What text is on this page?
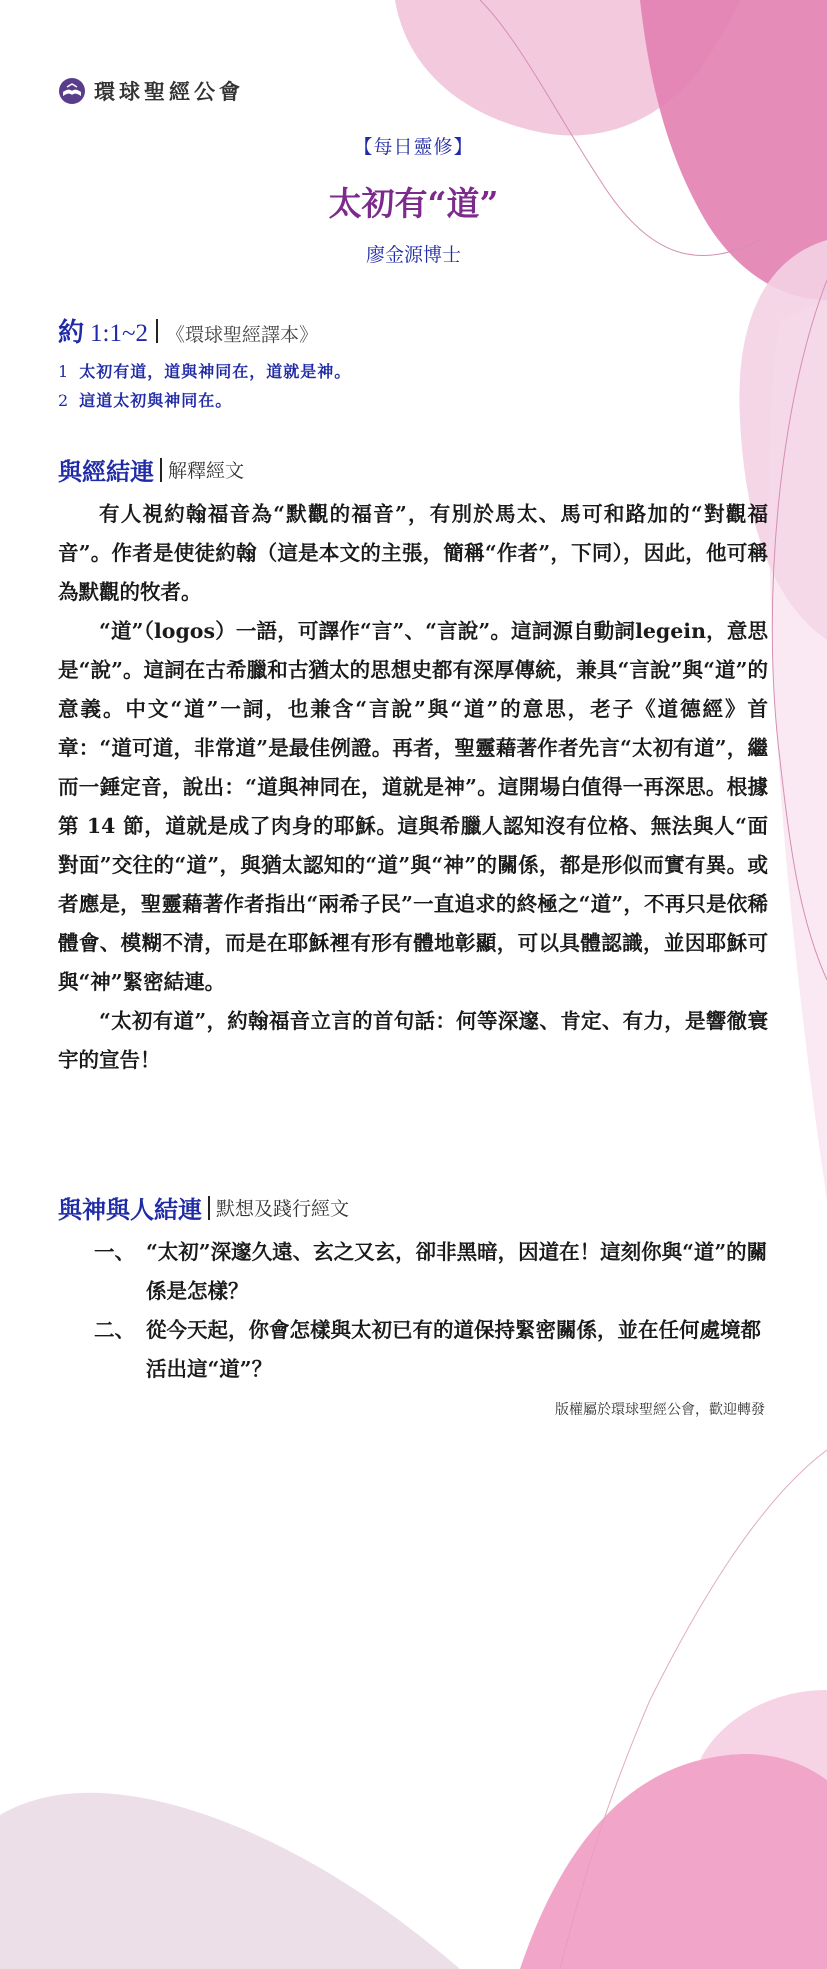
環球聖經公會
【每日靈修】
太初有“道”
廖金源博士
約 1:1~2 《環球聖經譯本》
1 太初有道，道與神同在，道就是神。
2 這道太初與神同在。
與經結連 解釋經文

有人視約翰福音為“默觀的福音”，有別於馬太、馬可和路加的“對觀福音”。作者是使徒約翰（這是本文的主張，簡稱“作者”，下同），因此，他可稱為默觀的牧者。

“道”（logos）一語，可譯作“言”、“言說”。這詞源自動詞legein，意思是“說”。這詞在古希臘和古猶太的思想史都有深厚傳統，兼具“言說”與“道”的意義。中文“道”一詞，也兼含“言說”與“道”的意思，老子《道德經》首章：“道可道，非常道”是最佳例證。再者，聖靈藉著作者先言“太初有道”，繼而一錘定音，說出：“道與神同在，道就是神”。這開場白值得一再深思。根據第 14 節，道就是成了肉身的耶穌。這與希臘人認知沒有位格、無法與人“面對面”交往的“道”，與猶太認知的“道”與“神”的關係，都是形似而實有異。或者應是，聖靈藉著作者指出“兩希子民”一直追求的終極之“道”，不再只是依稀體會、模糊不清，而是在耶穌裡有形有體地彰顯，可以具體認識，並因耶穌可與“神”緊密結連。

“太初有道”，約翰福音立言的首句話：何等深邃、肯定、有力，是響徹寰宇的宣告！

與神與人結連 默想及踐行經文
一、 “太初”深邃久遠、玄之又玄，卻非黑暗，因道在！這刻你與“道”的關係是怎樣？
二、 從今天起，你會怎樣與太初已有的道保持緊密關係，並在任何處境都活出這“道”？
版權屬於環球聖經公會，歡迎轉發
